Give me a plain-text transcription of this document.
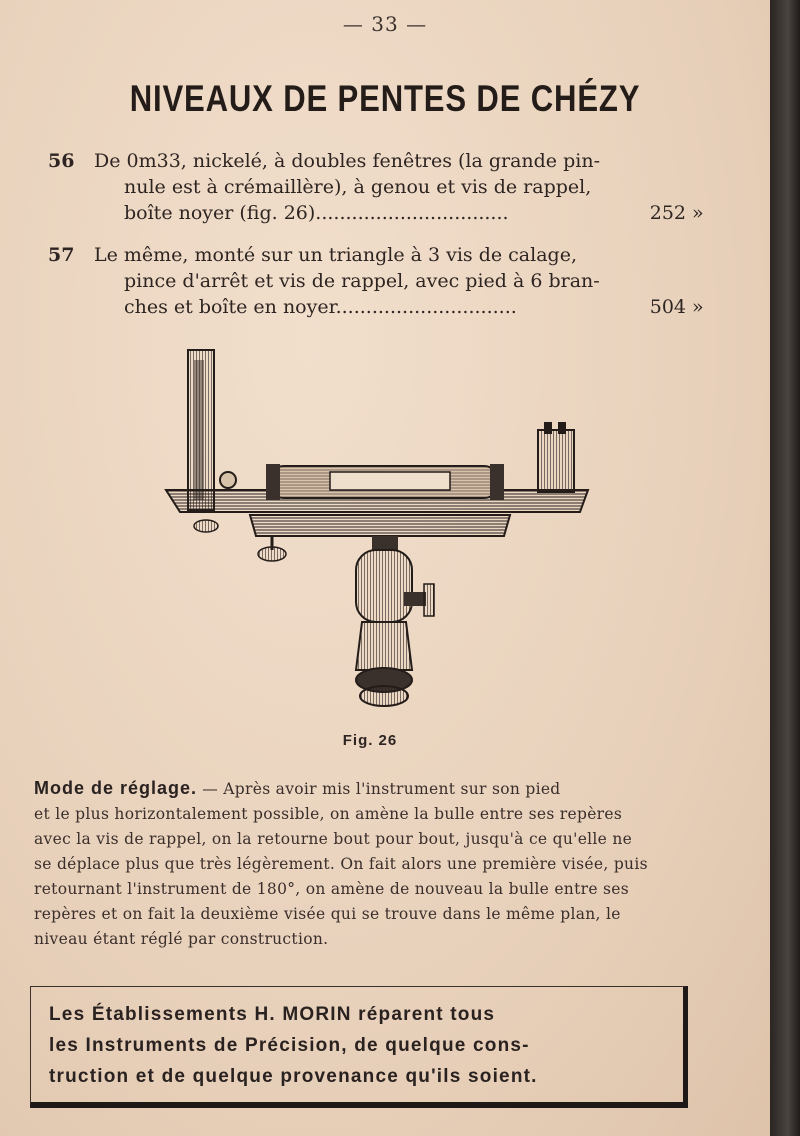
— 33 —
NIVEAUX DE PENTES DE CHÉZY
56	De 0m33, nickelé, à doubles fenêtres (la grande pin-
nule est à crémaillère), à genou et vis de rappel,
boîte noyer (fig. 26)................................	252 »
57	Le même, monté sur un triangle à 3 vis de calage,
pince d'arrêt et vis de rappel, avec pied à 6 bran-
ches et boîte en noyer..............................	504 »
Fig. 26
Mode de réglage. — Après avoir mis l'instrument sur son pied
et le plus horizontalement possible, on amène la bulle entre ses repères
avec la vis de rappel, on la retourne bout pour bout, jusqu'à ce qu'elle ne
se déplace plus que très légèrement. On fait alors une première visée, puis
retournant l'instrument de 180°, on amène de nouveau la bulle entre ses
repères et on fait la deuxième visée qui se trouve dans le même plan, le
niveau étant réglé par construction.
Les Établissements H. MORIN réparent tous
les Instruments de Précision, de quelque cons-
truction et de quelque provenance qu'ils soient.
